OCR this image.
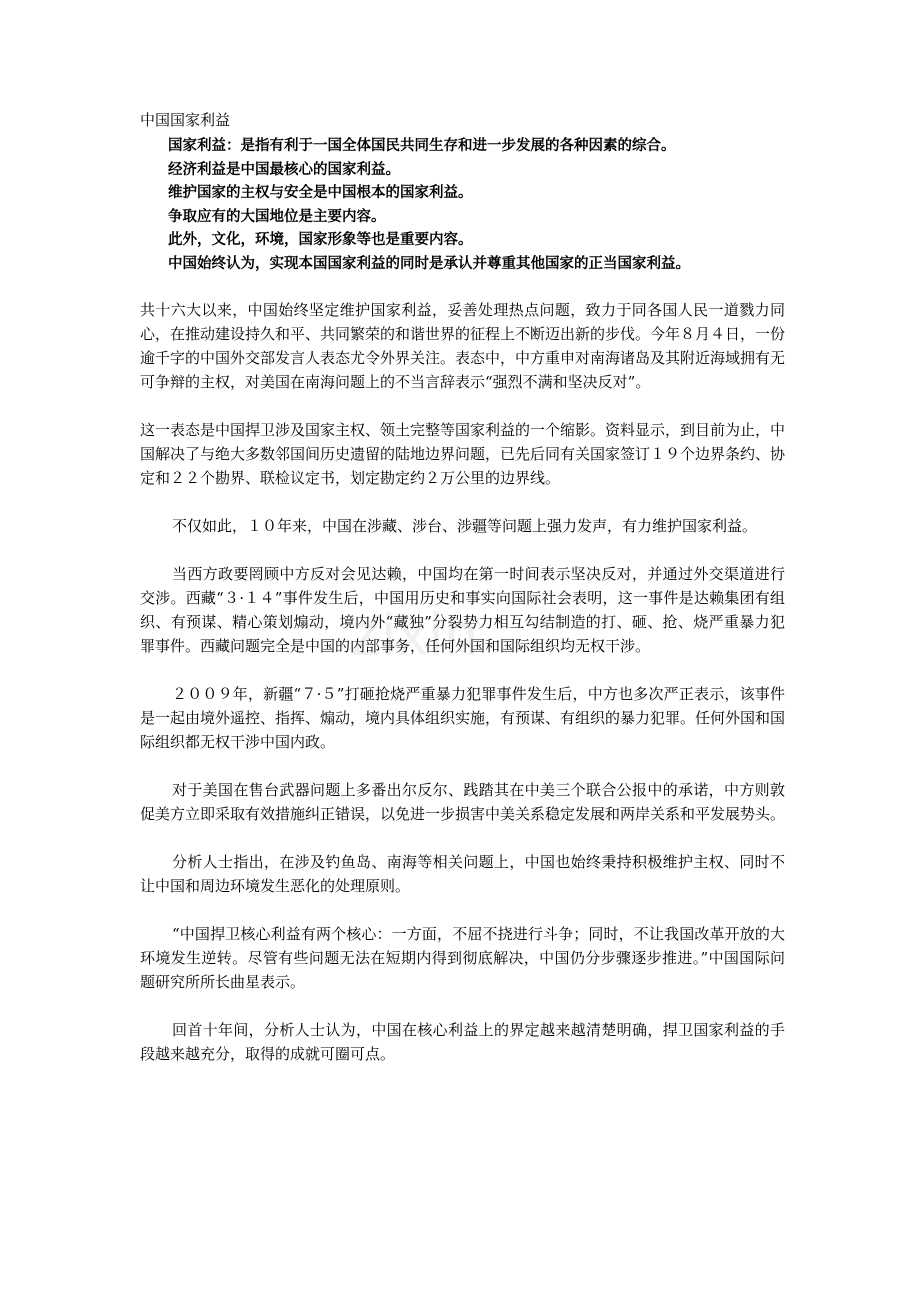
中国国家利益
国家利益：是指有利于一国全体国民共同生存和进一步发展的各种因素的综合。
经济利益是中国最核心的国家利益。
维护国家的主权与安全是中国根本的国家利益。
争取应有的大国地位是主要内容。
此外，文化，环境，国家形象等也是重要内容。
中国始终认为，实现本国国家利益的同时是承认并尊重其他国家的正当国家利益。

共十六大以来，中国始终坚定维护国家利益，妥善处理热点问题，致力于同各国人民一道戮力同心，在推动建设持久和平、共同繁荣的和谐世界的征程上不断迈出新的步伐。今年８月４日，一份逾千字的中国外交部发言人表态尤令外界关注。表态中，中方重申对南海诸岛及其附近海域拥有无可争辩的主权，对美国在南海问题上的不当言辞表示“强烈不满和坚决反对”。

这一表态是中国捍卫涉及国家主权、领土完整等国家利益的一个缩影。资料显示，到目前为止，中国解决了与绝大多数邻国间历史遗留的陆地边界问题，已先后同有关国家签订１９个边界条约、协定和２２个勘界、联检议定书，划定勘定约２万公里的边界线。

不仅如此，１０年来，中国在涉藏、涉台、涉疆等问题上强力发声，有力维护国家利益。

当西方政要罔顾中方反对会见达赖，中国均在第一时间表示坚决反对，并通过外交渠道进行交涉。西藏“３·１４”事件发生后，中国用历史和事实向国际社会表明，这一事件是达赖集团有组织、有预谋、精心策划煽动，境内外“藏独”分裂势力相互勾结制造的打、砸、抢、烧严重暴力犯罪事件。西藏问题完全是中国的内部事务，任何外国和国际组织均无权干涉。

２００９年，新疆“７·５”打砸抢烧严重暴力犯罪事件发生后，中方也多次严正表示，该事件是一起由境外遥控、指挥、煽动，境内具体组织实施，有预谋、有组织的暴力犯罪。任何外国和国际组织都无权干涉中国内政。

对于美国在售台武器问题上多番出尔反尔、践踏其在中美三个联合公报中的承诺，中方则敦促美方立即采取有效措施纠正错误，以免进一步损害中美关系稳定发展和两岸关系和平发展势头。

分析人士指出，在涉及钓鱼岛、南海等相关问题上，中国也始终秉持积极维护主权、同时不让中国和周边环境发生恶化的处理原则。

“中国捍卫核心利益有两个核心：一方面，不屈不挠进行斗争；同时，不让我国改革开放的大环境发生逆转。尽管有些问题无法在短期内得到彻底解决，中国仍分步骤逐步推进。”中国国际问题研究所所长曲星表示。

回首十年间，分析人士认为，中国在核心利益上的界定越来越清楚明确，捍卫国家利益的手段越来越充分，取得的成就可圈可点。

zixin
